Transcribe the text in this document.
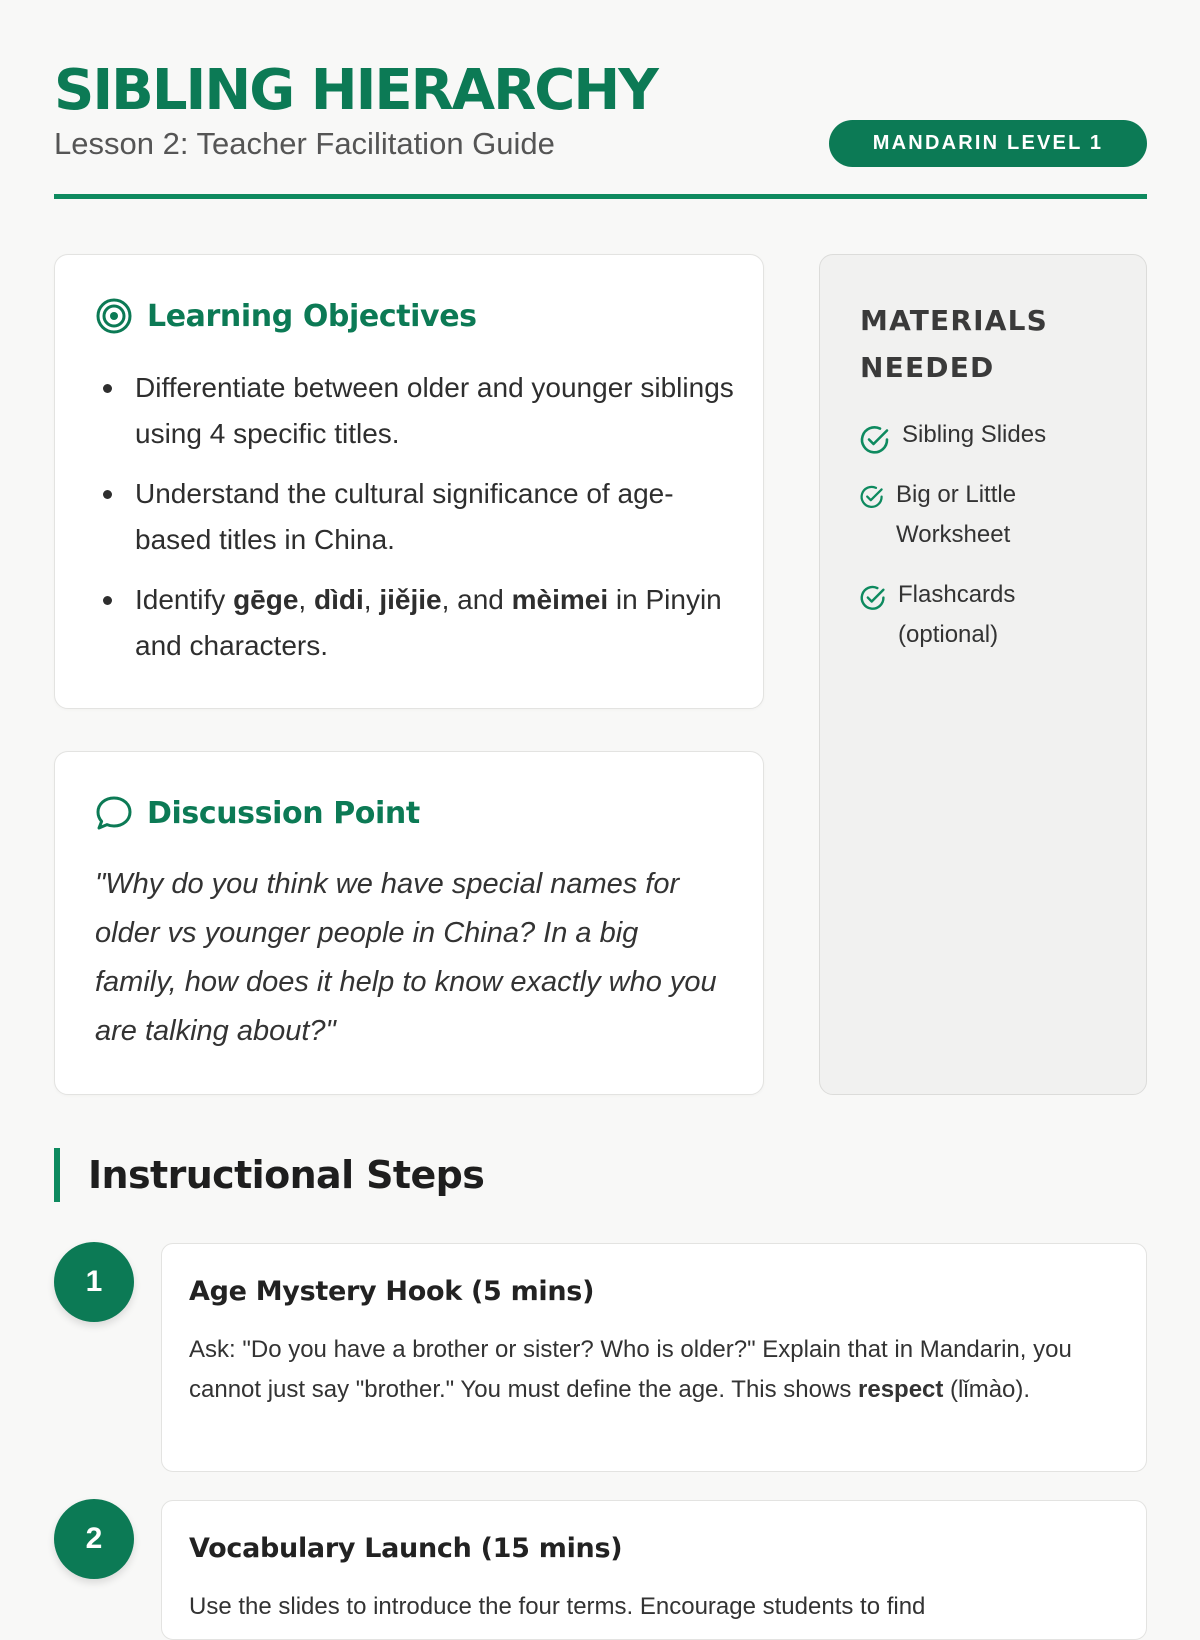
SIBLING HIERARCHY
Lesson 2: Teacher Facilitation Guide	MANDARIN LEVEL 1
Learning Objectives
Differentiate between older and younger siblings using 4 specific titles.
Understand the cultural significance of age-based titles in China.
Identify gēge, dìdi, jiějie, and mèimei in Pinyin and characters.
Discussion Point
"Why do you think we have special names for older vs younger people in China? In a big family, how does it help to know exactly who you are talking about?"
MATERIALS NEEDED
Sibling Slides
Big or Little Worksheet
Flashcards (optional)
Instructional Steps
1	Age Mystery Hook (5 mins)
Ask: "Do you have a brother or sister? Who is older?" Explain that in Mandarin, you cannot just say "brother." You must define the age. This shows respect (lǐmào).
2	Vocabulary Launch (15 mins)
Use the slides to introduce the four terms. Encourage students to find
